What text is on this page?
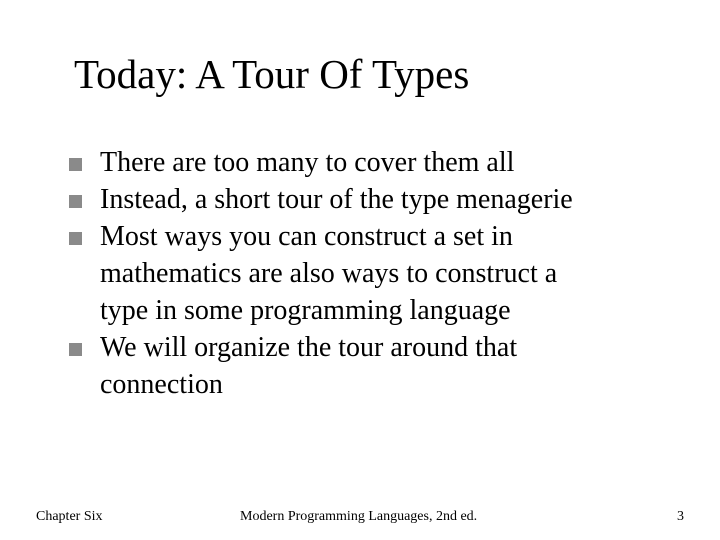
Today: A Tour Of Types
There are too many to cover them all
Instead, a short tour of the type menagerie
Most ways you can construct a set in
mathematics are also ways to construct a
type in some programming language
We will organize the tour around that
connection
Chapter Six	Modern Programming Languages, 2nd ed.	3
